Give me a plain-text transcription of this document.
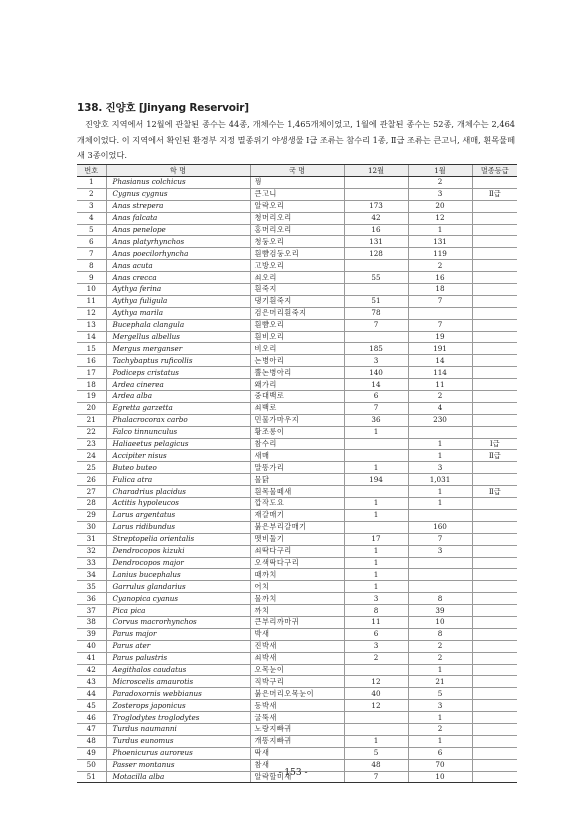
138. 진양호 [Jinyang Reservoir]
진양호 지역에서 12월에 관찰된 종수는 44종, 개체수는 1,465개체이었고, 1월에 관찰된 종수는 52종, 개체수는 2,464개체이었다. 이 지역에서 확인된 환경부 지정 멸종위기 야생생물 Ⅰ급 조류는 참수리 1종, Ⅱ급 조류는 큰고니, 새매, 흰목물떼새 3종이었다.
번호	학 명	국 명	12월	1월	멸종등급
1	Phasianus colchicus	꿩		2	
2	Cygnus cygnus	큰고니		3	Ⅱ급
3	Anas strepera	알락오리	173	20	
4	Anas falcata	청머리오리	42	12	
5	Anas penelope	홍머리오리	16	1	
6	Anas platyrhynchos	청둥오리	131	131	
7	Anas poecilorhyncha	흰뺨검둥오리	128	119	
8	Anas acuta	고방오리		2	
9	Anas crecca	쇠오리	55	16	
10	Aythya ferina	흰죽지		18	
11	Aythya fuligula	댕기흰죽지	51	7	
12	Aythya marila	검은머리흰죽지	78		
13	Bucephala clangula	흰뺨오리	7	7	
14	Mergellus albellus	흰비오리		19	
15	Mergus merganser	비오리	185	191	
16	Tachybaptus ruficollis	논병아리	3	14	
17	Podiceps cristatus	뿔논병아리	140	114	
18	Ardea cinerea	왜가리	14	11	
19	Ardea alba	중대백로	6	2	
20	Egretta garzetta	쇠백로	7	4	
21	Phalacrocorax carbo	민물가마우지	36	230	
22	Falco tinnunculus	황조롱이	1		
23	Haliaeetus pelagicus	참수리		1	Ⅰ급
24	Accipiter nisus	새매		1	Ⅱ급
25	Buteo buteo	말똥가리	1	3	
26	Fulica atra	물닭	194	1,031	
27	Charadrius placidus	흰목물떼새		1	Ⅱ급
28	Actitis hypoleucos	깝작도요	1	1	
29	Larus argentatus	재갈매기	1		
30	Larus ridibundus	붉은부리갈매기		160	
31	Streptopelia orientalis	멧비둘기	17	7	
32	Dendrocopos kizuki	쇠딱다구리	1	3	
33	Dendrocopos major	오색딱다구리	1		
34	Lanius bucephalus	때까치	1		
35	Garrulus glandarius	어치	1		
36	Cyanopica cyanus	물까치	3	8	
37	Pica pica	까치	8	39	
38	Corvus macrorhynchos	큰부리까마귀	11	10	
39	Parus major	박새	6	8	
40	Parus ater	진박새	3	2	
41	Parus palustris	쇠박새	2	2	
42	Aegithalos caudatus	오목눈이		1	
43	Microscelis amaurotis	직박구리	12	21	
44	Paradoxornis webbianus	붉은머리오목눈이	40	5	
45	Zosterops japonicus	동박새	12	3	
46	Troglodytes troglodytes	굴뚝새		1	
47	Turdus naumanni	노랑지빠귀		2	
48	Turdus eunomus	개똥지빠귀	1	1	
49	Phoenicurus auroreus	딱새	5	6	
50	Passer montanus	참새	48	70	
51	Motacilla alba	알락할미새	7	10	
- 153 -
